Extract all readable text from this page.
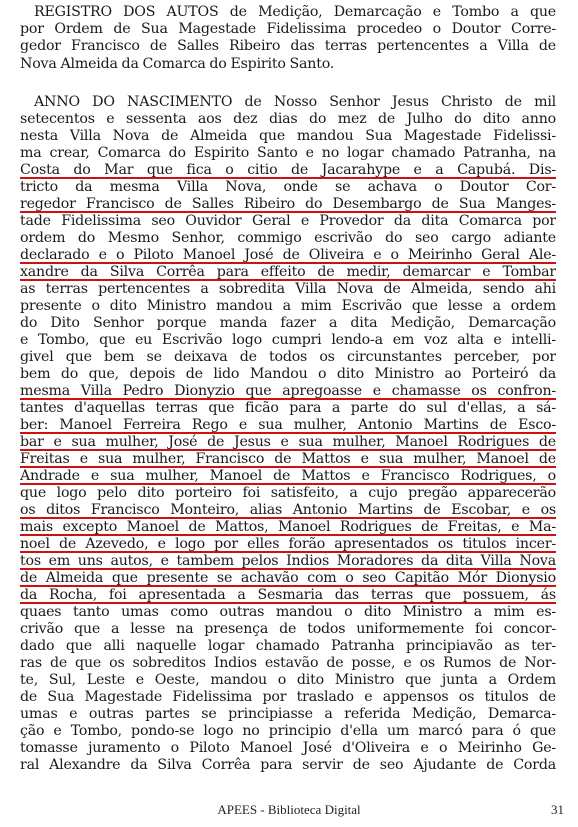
REGISTRO DOS AUTOS de Medição, Demarcação e Tombo a que
por Ordem de Sua Magestade Fidelissima procedeo o Doutor Corre-
gedor Francisco de Salles Ribeiro das terras pertencentes a Villa de
Nova Almeida da Comarca do Espirito Santo.
ANNO DO NASCIMENTO de Nosso Senhor Jesus Christo de mil
setecentos e sessenta aos dez dias do mez de Julho do dito anno
nesta Villa Nova de Almeida que mandou Sua Magestade Fidelissi-
ma crear, Comarca do Espirito Santo e no logar chamado Patranha, na
Costa do Mar que fica o citio de Jacarahype e a Capubá. Dis-
tricto da mesma Villa Nova, onde se achava o Doutor Cor-
regedor Francisco de Salles Ribeiro do Desembargo de Sua Manges-
tade Fidelissima seo Ouvidor Geral e Provedor da dita Comarca por
ordem do Mesmo Senhor, commigo escrivão do seo cargo adiante
declarado e o Piloto Manoel José de Oliveira e o Meirinho Geral Ale-
xandre da Silva Corrêa para effeito de medir, demarcar e Tombar
as terras pertencentes a sobredita Villa Nova de Almeida, sendo ahi
presente o dito Ministro mandou a mim Escrivão que lesse a ordem
do Dito Senhor porque manda fazer a dita Medição, Demarcação
e Tombo, que eu Escrivão logo cumpri lendo-a em voz alta e intelli-
givel que bem se deixava de todos os circunstantes perceber, por
bem do que, depois de lido Mandou o dito Ministro ao Porteiró da
mesma Villa Pedro Dionyzio que apregoasse e chamasse os confron-
tantes d'aquellas terras que ficão para a parte do sul d'ellas, a sá-
ber: Manoel Ferreira Rego e sua mulher, Antonio Martins de Esco-
bar e sua mulher, José de Jesus e sua mulher, Manoel Rodrigues de
Freitas e sua mulher, Francisco de Mattos e sua mulher, Manoel de
Andrade e sua mulher, Manoel de Mattos e Francisco Rodrigues, o
que logo pelo dito porteiro foi satisfeito, a cujo pregão apparecerão
os ditos Francisco Monteiro, alias Antonio Martins de Escobar, e os
mais excepto Manoel de Mattos, Manoel Rodrigues de Freitas, e Ma-
noel de Azevedo, e logo por elles forão apresentados os titulos incer-
tos em uns autos, e tambem pelos Indios Moradores da dita Villa Nova
de Almeida que presente se achavão com o seo Capitão Mór Dionysio
da Rocha, foi apresentada a Sesmaria das terras que possuem, ás
quaes tanto umas como outras mandou o dito Ministro a mim es-
crivão que a lesse na presença de todos uniformemente foi concor-
dado que alli naquelle logar chamado Patranha principiavão as ter-
ras de que os sobreditos Indios estavão de posse, e os Rumos de Nor-
te, Sul, Leste e Oeste, mandou o dito Ministro que junta a Ordem
de Sua Magestade Fidelissima por traslado e appensos os titulos de
umas e outras partes se principiasse a referida Medição, Demarca-
ção e Tombo, pondo-se logo no principio d'ella um marcó para ó que
tomasse juramento o Piloto Manoel José d'Oliveira e o Meirinho Ge-
ral Alexandre da Silva Corrêa para servir de seo Ajudante de Corda
APEES - Biblioteca Digital	31
